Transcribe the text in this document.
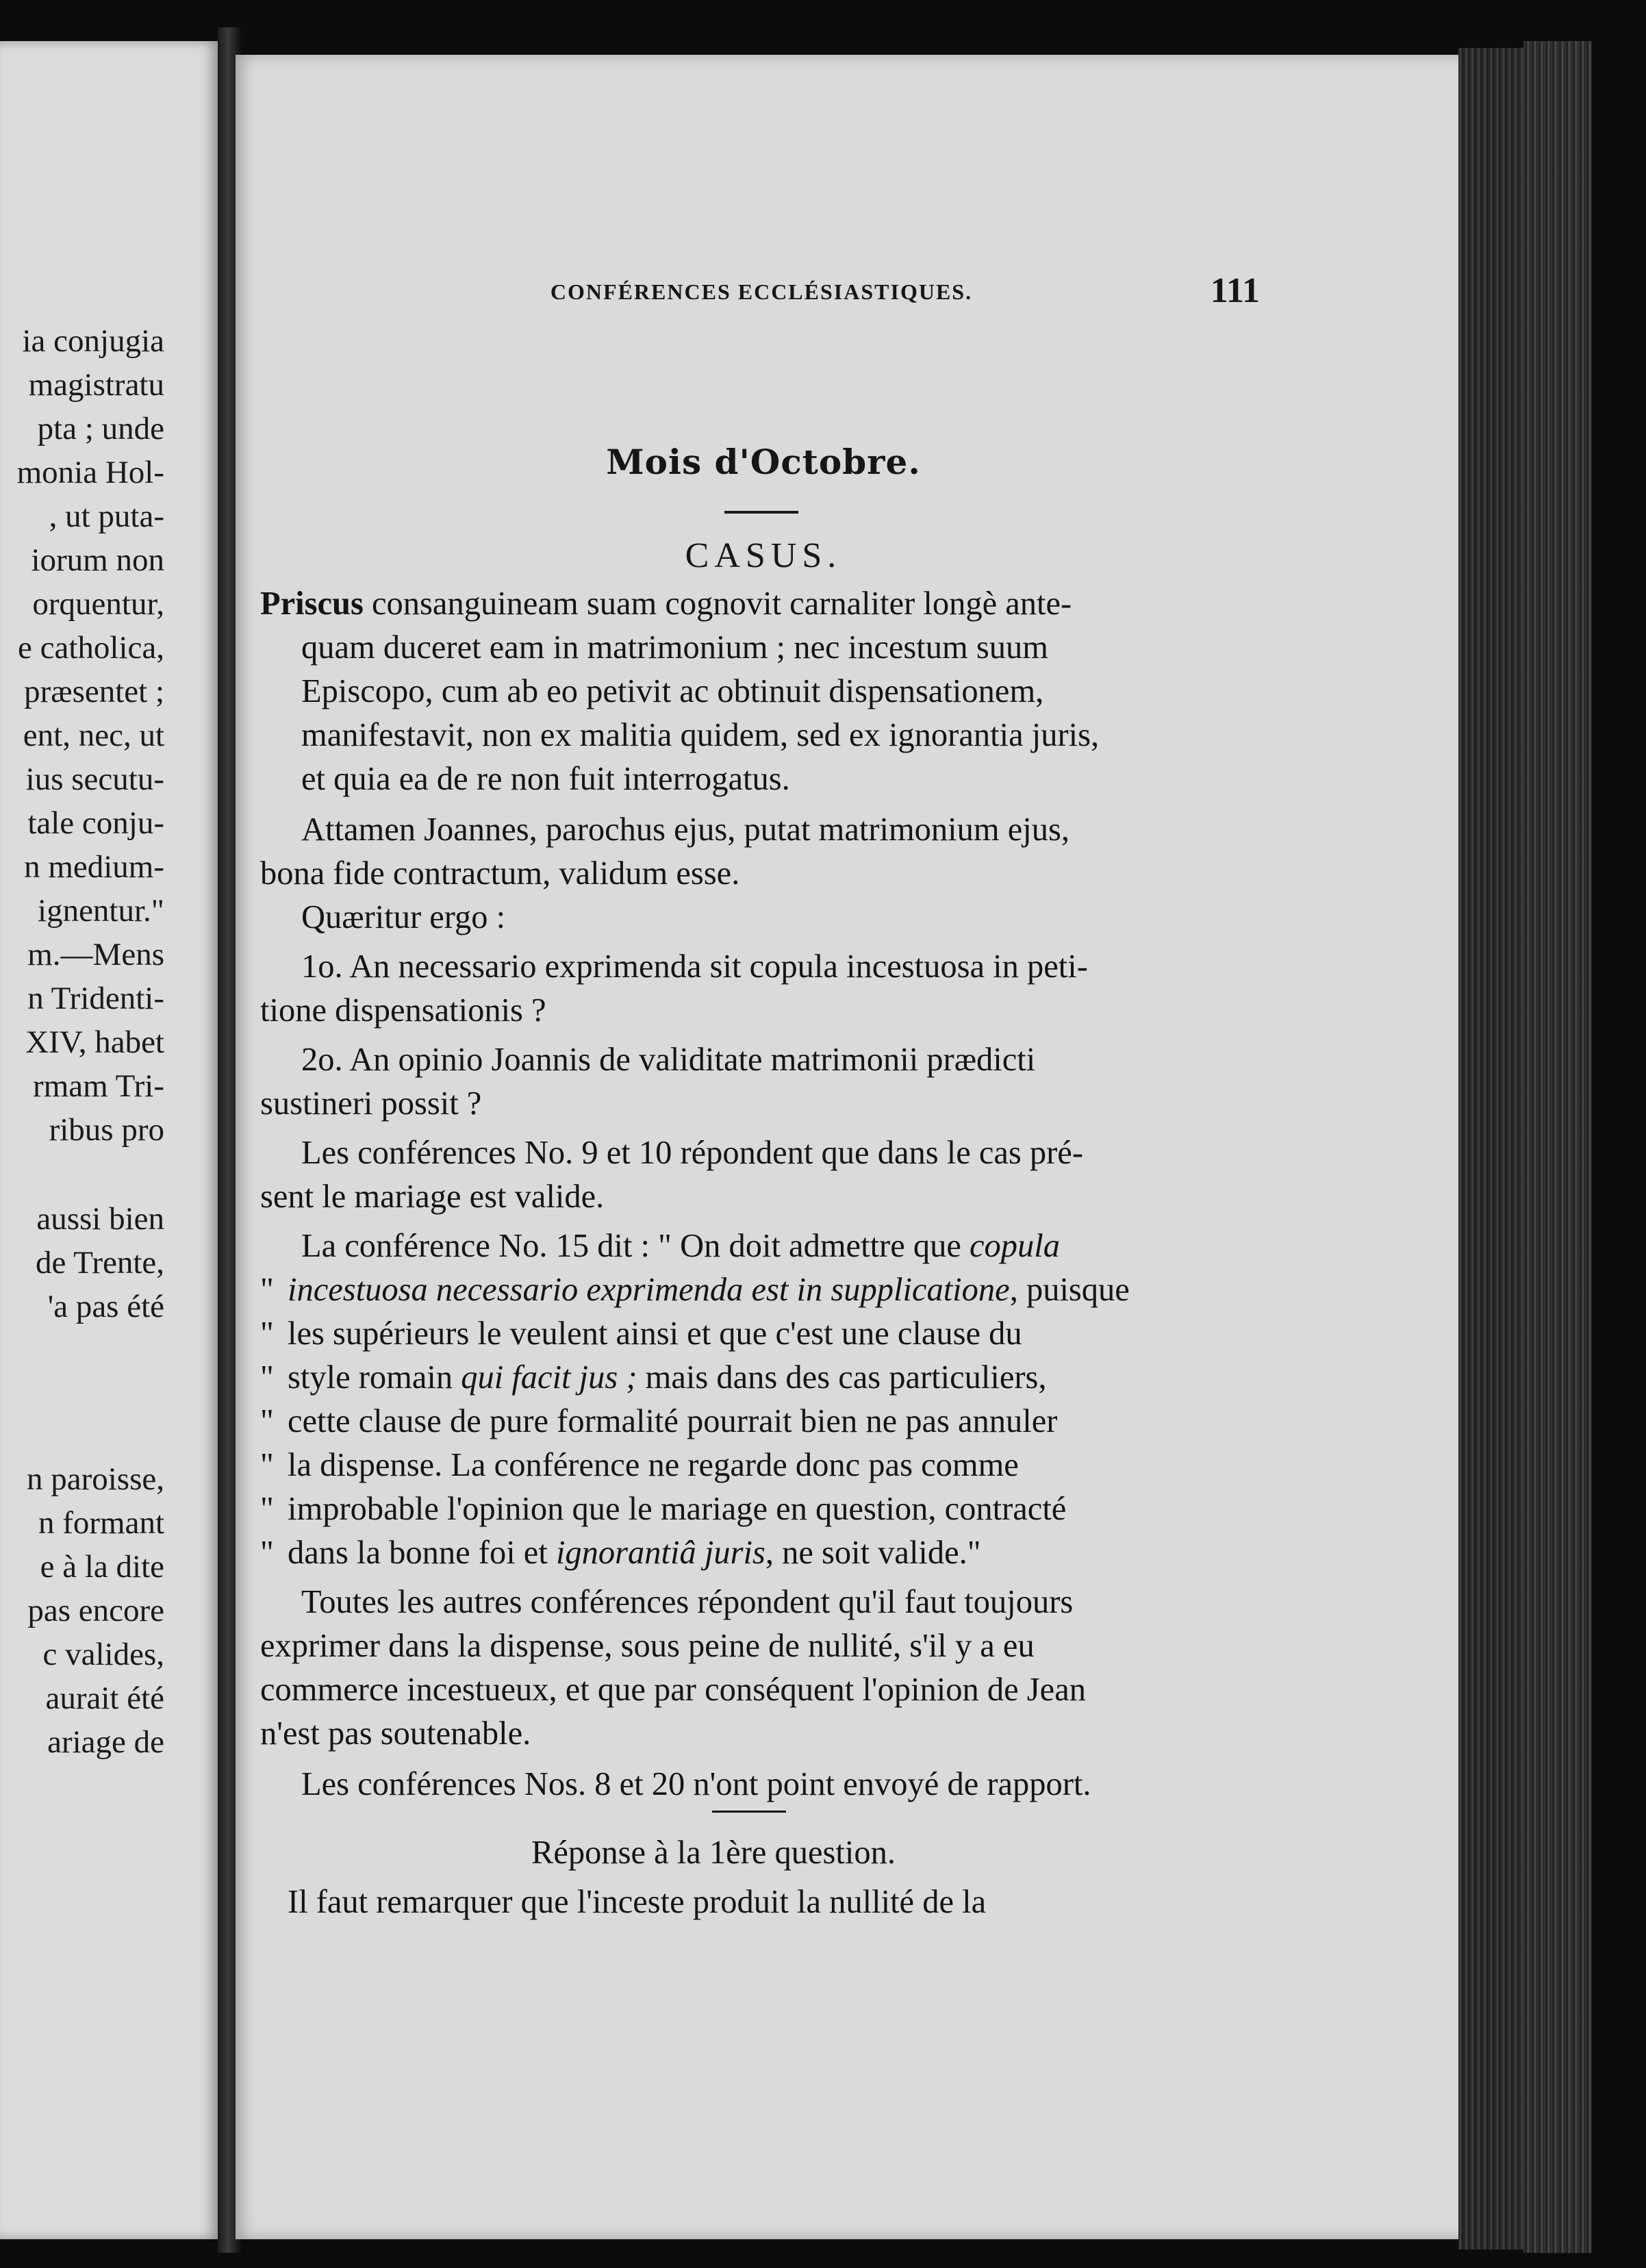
ia conjugia
magistratu
pta ; unde
monia Hol-
, ut puta-
iorum non
orquentur,
e catholica,
præsentet ;
ent, nec, ut
ius secutu-
tale conju-
n medium-
ignentur."
m.—Mens
n Tridenti-
XIV, habet
rmam Tri-
ribus pro
aussi bien
de Trente,
'a pas été
n paroisse,
n formant
e à la dite
pas encore
c valides,
aurait été
ariage de
CONFÉRENCES ECCLÉSIASTIQUES.	111
Mois d'Octobre.
CASUS.
Priscus consanguineam suam cognovit carnaliter longè ante-
quam duceret eam in matrimonium ; nec incestum suum
Episcopo, cum ab eo petivit ac obtinuit dispensationem,
manifestavit, non ex malitia quidem, sed ex ignorantia juris,
et quia ea de re non fuit interrogatus.
Attamen Joannes, parochus ejus, putat matrimonium ejus,
bona fide contractum, validum esse.
Quæritur ergo :
1o. An necessario exprimenda sit copula incestuosa in peti-
tione dispensationis ?
2o. An opinio Joannis de validitate matrimonii prædicti
sustineri possit ?
Les conférences No. 9 et 10 répondent que dans le cas pré-
sent le mariage est valide.
La conférence No. 15 dit : " On doit admettre que copula
" incestuosa necessario exprimenda est in supplicatione, puisque
" les supérieurs le veulent ainsi et que c'est une clause du
" style romain qui facit jus ; mais dans des cas particuliers,
" cette clause de pure formalité pourrait bien ne pas annuler
" la dispense. La conférence ne regarde donc pas comme
" improbable l'opinion que le mariage en question, contracté
" dans la bonne foi et ignorantiâ juris, ne soit valide."
Toutes les autres conférences répondent qu'il faut toujours
exprimer dans la dispense, sous peine de nullité, s'il y a eu
commerce incestueux, et que par conséquent l'opinion de Jean
n'est pas soutenable.
Les conférences Nos. 8 et 20 n'ont point envoyé de rapport.
Réponse à la 1ère question.
Il faut remarquer que l'inceste produit la nullité de la
